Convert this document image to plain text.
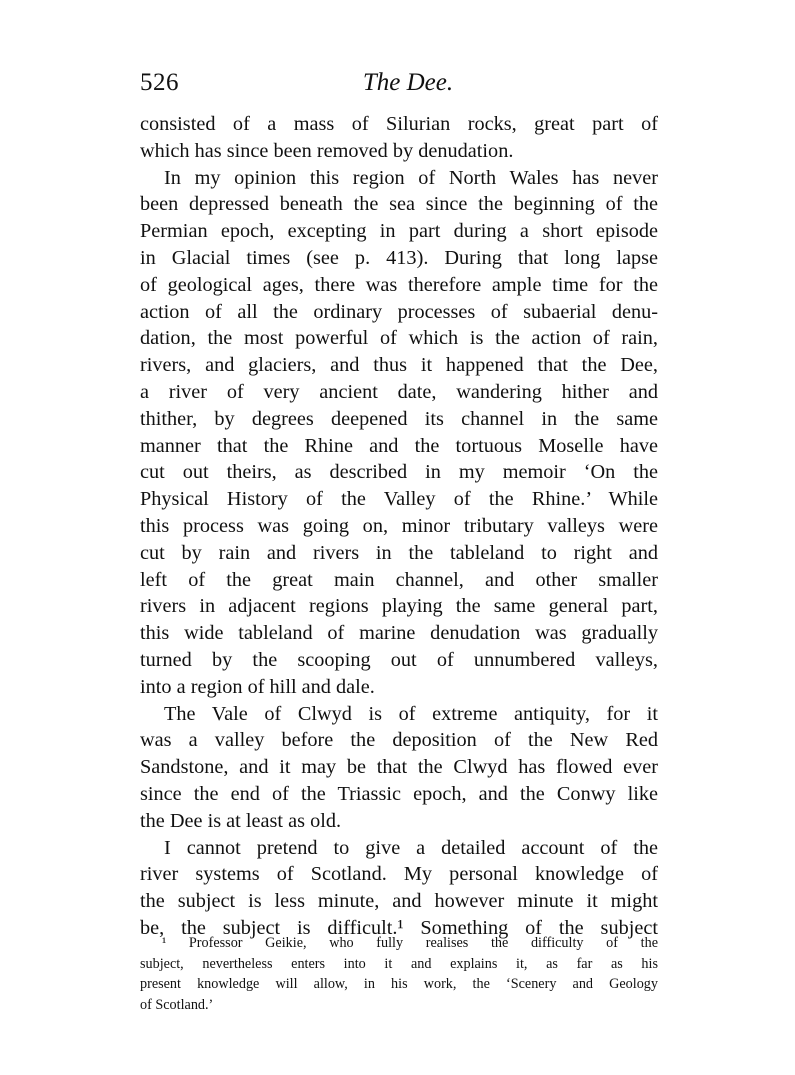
526	The Dee.
consisted of a mass of Silurian rocks, great part of
which has since been removed by denudation.
In my opinion this region of North Wales has never
been depressed beneath the sea since the beginning of the
Permian epoch, excepting in part during a short episode
in Glacial times (see p. 413). During that long lapse
of geological ages, there was therefore ample time for the
action of all the ordinary processes of subaerial denu-
dation, the most powerful of which is the action of rain,
rivers, and glaciers, and thus it happened that the Dee,
a river of very ancient date, wandering hither and
thither, by degrees deepened its channel in the same
manner that the Rhine and the tortuous Moselle have
cut out theirs, as described in my memoir ‘On the
Physical History of the Valley of the Rhine.’ While
this process was going on, minor tributary valleys were
cut by rain and rivers in the tableland to right and
left of the great main channel, and other smaller
rivers in adjacent regions playing the same general part,
this wide tableland of marine denudation was gradually
turned by the scooping out of unnumbered valleys,
into a region of hill and dale.
The Vale of Clwyd is of extreme antiquity, for it
was a valley before the deposition of the New Red
Sandstone, and it may be that the Clwyd has flowed ever
since the end of the Triassic epoch, and the Conwy like
the Dee is at least as old.
I cannot pretend to give a detailed account of the
river systems of Scotland. My personal knowledge of
the subject is less minute, and however minute it might
be, the subject is difficult.¹ Something of the subject
¹ Professor Geikie, who fully realises the difficulty of the
subject, nevertheless enters into it and explains it, as far as his
present knowledge will allow, in his work, the ‘Scenery and Geology
of Scotland.’
